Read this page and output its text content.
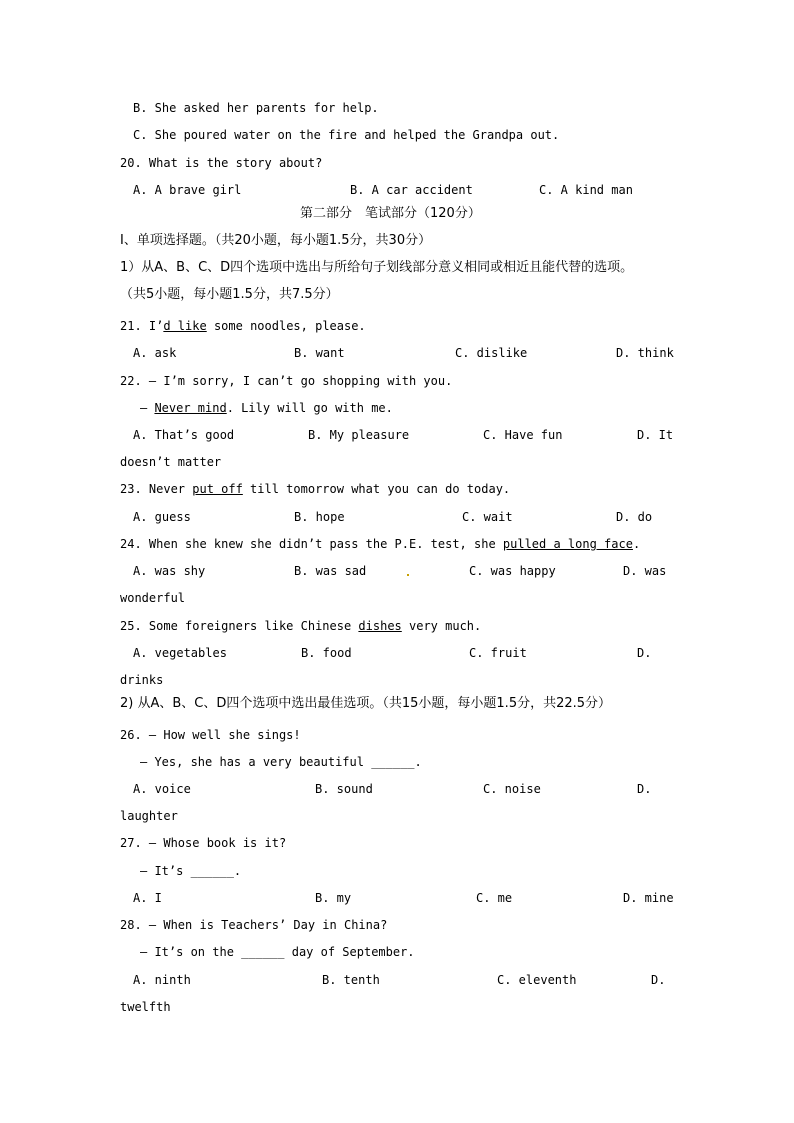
B. She asked her parents for help.
C. She poured water on the fire and helped the Grandpa out.
20. What is the story about?
A. A brave girl	B. A car accident	C. A kind man
第二部分　笔试部分（120分）
Ⅰ、单项选择题。（共20小题，每小题1.5分，共30分）
1）从A、B、C、D四个选项中选出与所给句子划线部分意义相同或相近且能代替的选项。
（共5小题，每小题1.5分，共7.5分）
21. I’d like some noodles, please.
A. ask	B. want	C. dislike	D. think
22. – I’m sorry, I can’t go shopping with you.
– Never mind. Lily will go with me.
A. That’s good	B. My pleasure	C. Have fun	D. It
doesn’t matter
23. Never put off till tomorrow what you can do today.
A. guess	B. hope	C. wait	D. do
24. When she knew she didn’t pass the P.E. test, she pulled a long face.
A. was shy	B. was sad	C. was happy	D. was
wonderful
25. Some foreigners like Chinese dishes very much.
A. vegetables	B. food	C. fruit	D.
drinks
2) 从A、B、C、D四个选项中选出最佳选项。（共15小题，每小题1.5分，共22.5分）
26. – How well she sings!
– Yes, she has a very beautiful ______.
A. voice	B. sound	C. noise	D.
laughter
27. – Whose book is it?
– It’s ______.
A. I	B. my	C. me	D. mine
28. – When is Teachers’ Day in China?
– It’s on the ______ day of September.
A. ninth	B. tenth	C. eleventh	D.
twelfth
